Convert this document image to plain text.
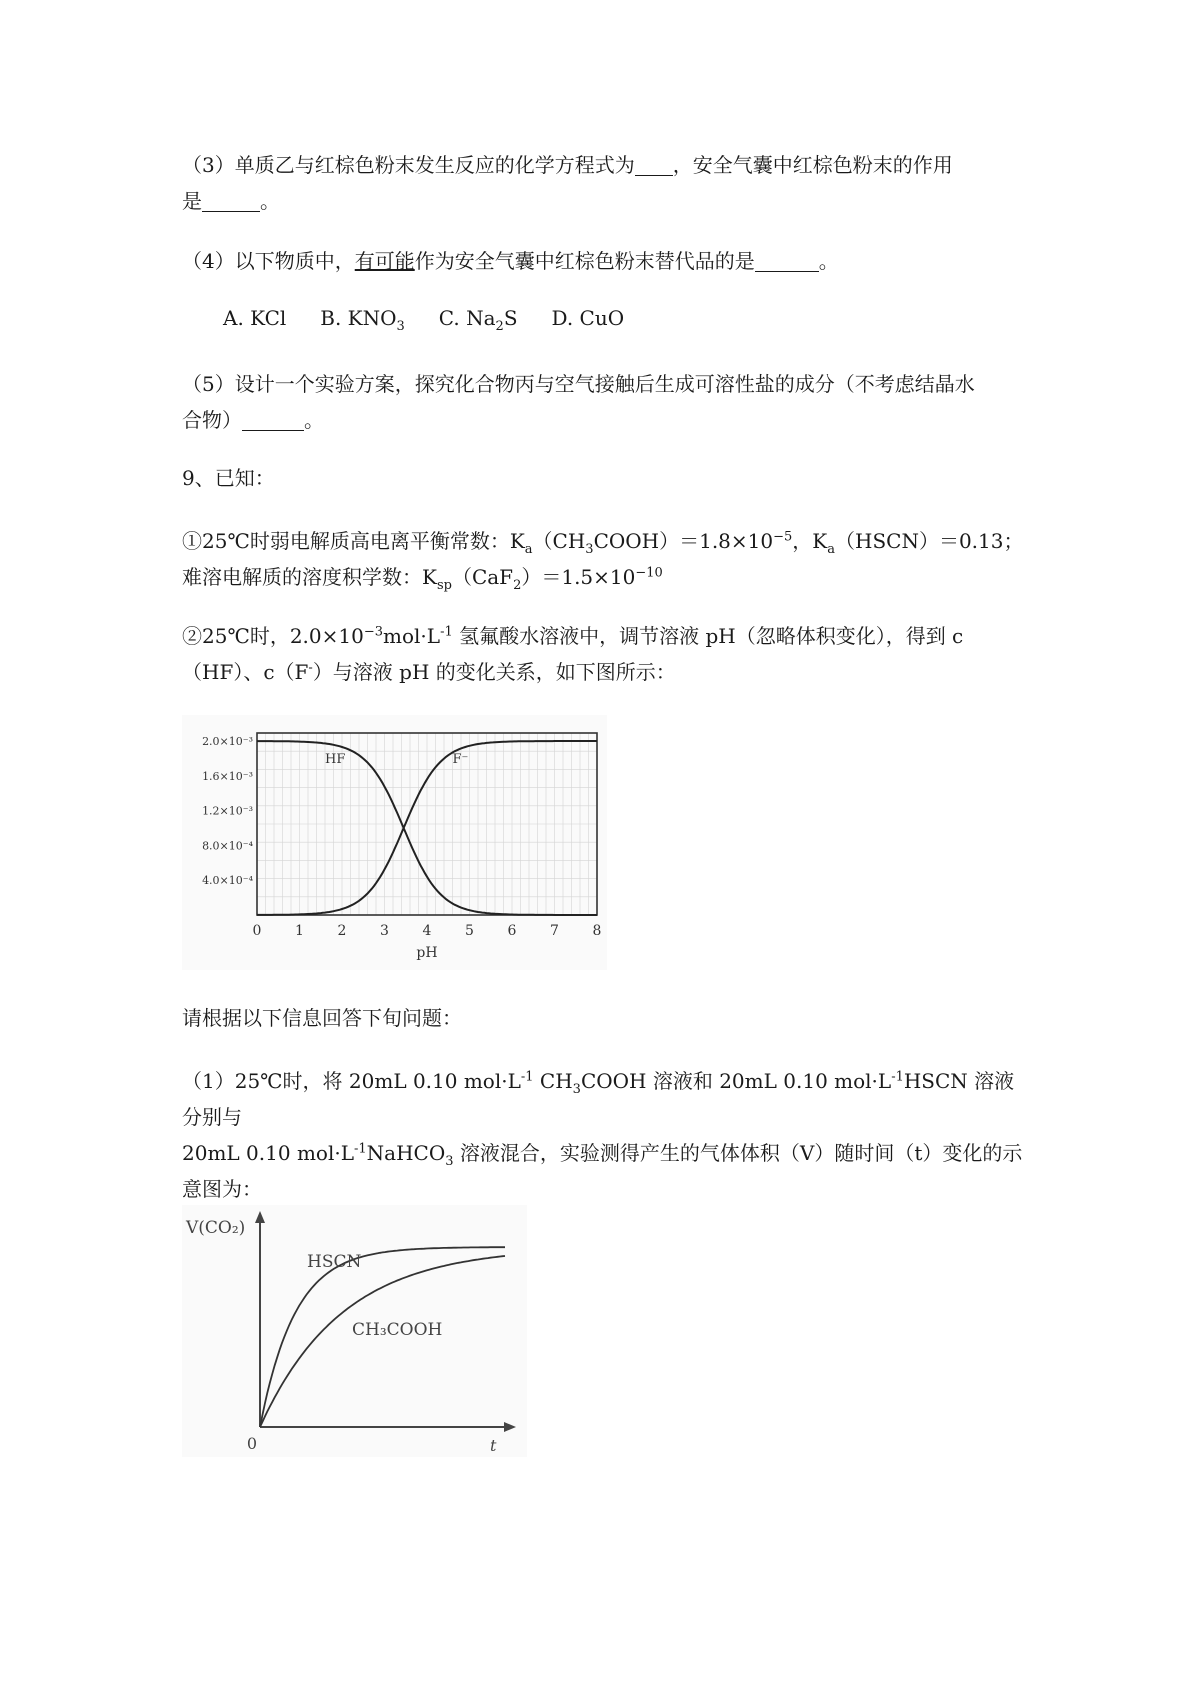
（3）单质乙与红棕色粉末发生反应的化学方程式为 ，安全气囊中红棕色粉末的作用
是	。

（4）以下物质中，有可能作为安全气囊中红棕色粉末替代品的是	。

A. KCl B. $KNO_3$ C. $Na_2S$ D. CuO

（5）设计一个实验方案，探究化合物丙与空气接触后生成可溶性盐的成分（不考虑结晶水
合物）	。

9、已知：

①25℃时弱电解质高电离平衡常数：$K_a(CH_3COOH)=1.8\times 10^{-5}$，$K_a(HSCN)=0.13$；
难溶电解质的溶度积学数：$K_{sp}(CaF_2)=1.5\times 10^{-10}$

②25℃时，$2.0\times 10^{-3}mol\cdot L^{-1}$ 氢氟酸水溶液中，调节溶液 pH（忽略体积变化），得到 c
（HF）、c（F-）与溶液 pH 的变化关系，如下图所示：

2.0×10⁻³
1.6×10⁻³
1.2×10⁻³
8.0×10⁻⁴
4.0×10⁻⁴
0 1 2 3 4 5 6 7 8
pH
HF	F⁻

请根据以下信息回答下旬问题：

（1）25℃时，将 20mL 0.10 $mol\cdot L^{-1}$ $CH_3COOH$ 溶液和 20mL 0.10 $mol\cdot L^{-1}HSCN$ 溶液分别与
20mL 0.10 $mol\cdot L^{-1}NaHCO_3$ 溶液混合，实验测得产生的气体体积（V）随时间（t）变化的示
意图为：

V(CO₂)
0	t
HSCN
CH₃COOH
